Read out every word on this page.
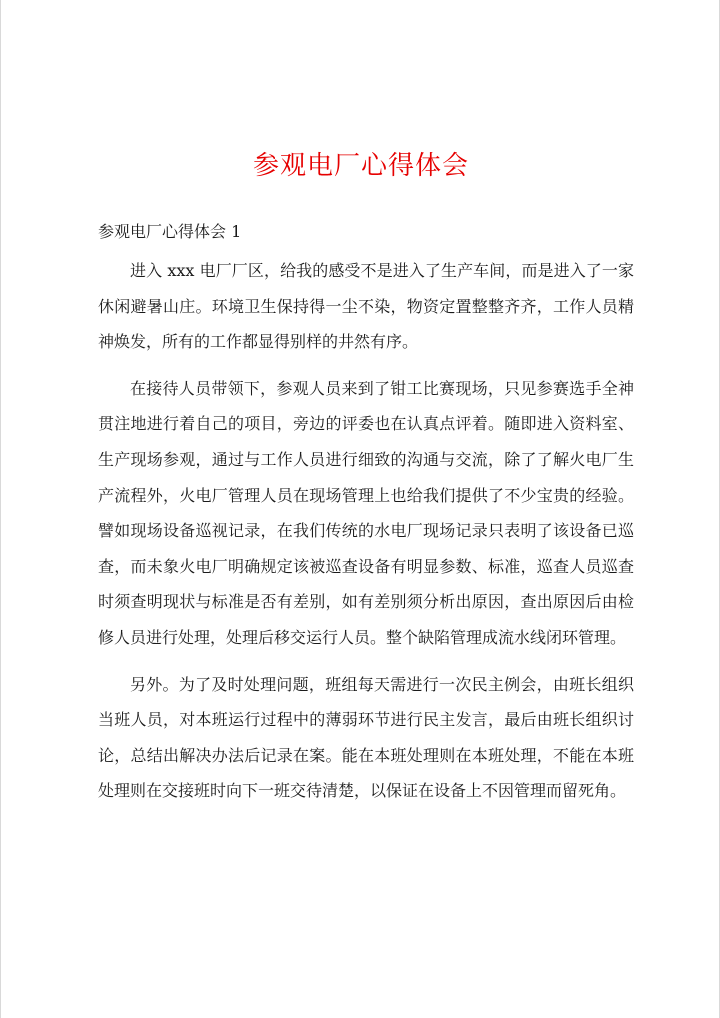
参观电厂心得体会
参观电厂心得体会 1

进入 xxx 电厂厂区，给我的感受不是进入了生产车间，而是进入了一家休闲避暑山庄。环境卫生保持得一尘不染，物资定置整整齐齐，工作人员精神焕发，所有的工作都显得别样的井然有序。

在接待人员带领下，参观人员来到了钳工比赛现场，只见参赛选手全神贯注地进行着自己的项目，旁边的评委也在认真点评着。随即进入资料室、生产现场参观，通过与工作人员进行细致的沟通与交流，除了了解火电厂生产流程外，火电厂管理人员在现场管理上也给我们提供了不少宝贵的经验。譬如现场设备巡视记录，在我们传统的水电厂现场记录只表明了该设备已巡查，而未象火电厂明确规定该被巡查设备有明显参数、标准，巡查人员巡查时须查明现状与标准是否有差别，如有差别须分析出原因，查出原因后由检修人员进行处理，处理后移交运行人员。整个缺陷管理成流水线闭环管理。

另外。为了及时处理问题，班组每天需进行一次民主例会，由班长组织当班人员，对本班运行过程中的薄弱环节进行民主发言，最后由班长组织讨论，总结出解决办法后记录在案。能在本班处理则在本班处理，不能在本班处理则在交接班时向下一班交待清楚，以保证在设备上不因管理而留死角。
